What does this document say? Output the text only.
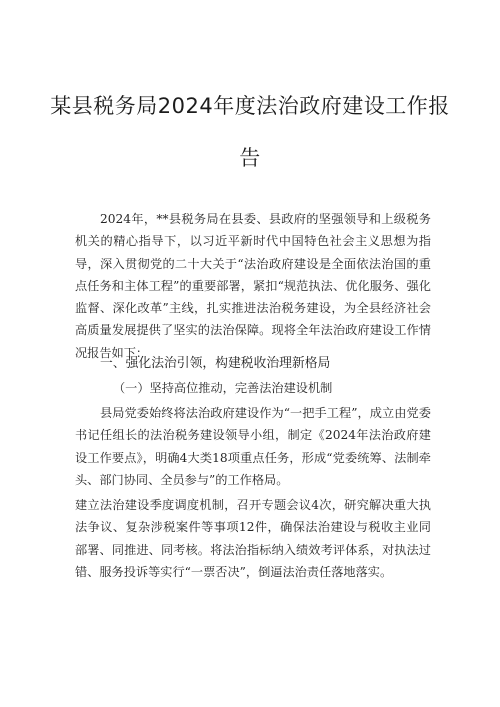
某县税务局2024年度法治政府建设工作报
告

2024年，**县税务局在县委、县政府的坚强领导和上级税务机关的精心指导下，以习近平新时代中国特色社会主义思想为指导，深入贯彻党的二十大关于“法治政府建设是全面依法治国的重点任务和主体工程”的重要部署，紧扣“规范执法、优化服务、强化监督、深化改革”主线，扎实推进法治税务建设，为全县经济社会高质量发展提供了坚实的法治保障。现将全年法治政府建设工作情况报告如下：

一、强化法治引领，构建税收治理新格局
（一）坚持高位推动，完善法治建设机制

县局党委始终将法治政府建设作为“一把手工程”，成立由党委书记任组长的法治税务建设领导小组，制定《2024年法治政府建设工作要点》，明确4大类18项重点任务，形成“党委统筹、法制牵头、部门协同、全员参与”的工作格局。

建立法治建设季度调度机制，召开专题会议4次，研究解决重大执法争议、复杂涉税案件等事项12件，确保法治建设与税收主业同部署、同推进、同考核。将法治指标纳入绩效考评体系，对执法过错、服务投诉等实行“一票否决”，倒逼法治责任落地落实。
